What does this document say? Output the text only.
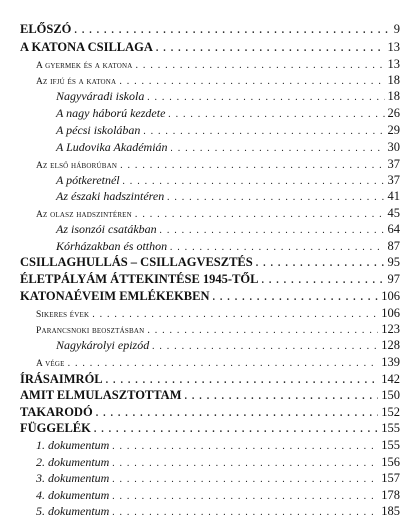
ELŐSZÓ . . .	9
A KATONA CSILLAGA . . .	13
A gyermek és a katona . . .	13
Az ifjú és a katona . . .	18
Nagyváradi iskola . . .	18
A nagy háború kezdete . . .	26
A pécsi iskolában . . .	29
A Ludovika Akadémián . . .	30
Az első háborúban . . .	37
A pótkeretnél . . .	37
Az északi hadszintéren . . .	41
Az olasz hadszintéren . . .	45
Az isonzói csatákban . . .	64
Kórházakban és otthon . . .	87
CSILLAGHULLÁS – CSILLAGVESZTÉS . . .	95
ÉLETPÁLYÁM ÁTTEKINTÉSE 1945-TŐL . . .	97
KATONAÉVEIM EMLÉKEKBEN . . .	106
Sikeres évek . . .	106
Parancsnoki beosztásban . . .	123
Nagykárolyi epizód . . .	128
A vége . . .	139
ÍRÁSAIMRÓL . . .	142
AMIT ELMULASZTOTTAM . . .	150
TAKARODÓ . . .	152
FÜGGELÉK . . .	155
1. dokumentum . . .	155
2. dokumentum . . .	156
3. dokumentum . . .	157
4. dokumentum . . .	178
5. dokumentum . . .	185
